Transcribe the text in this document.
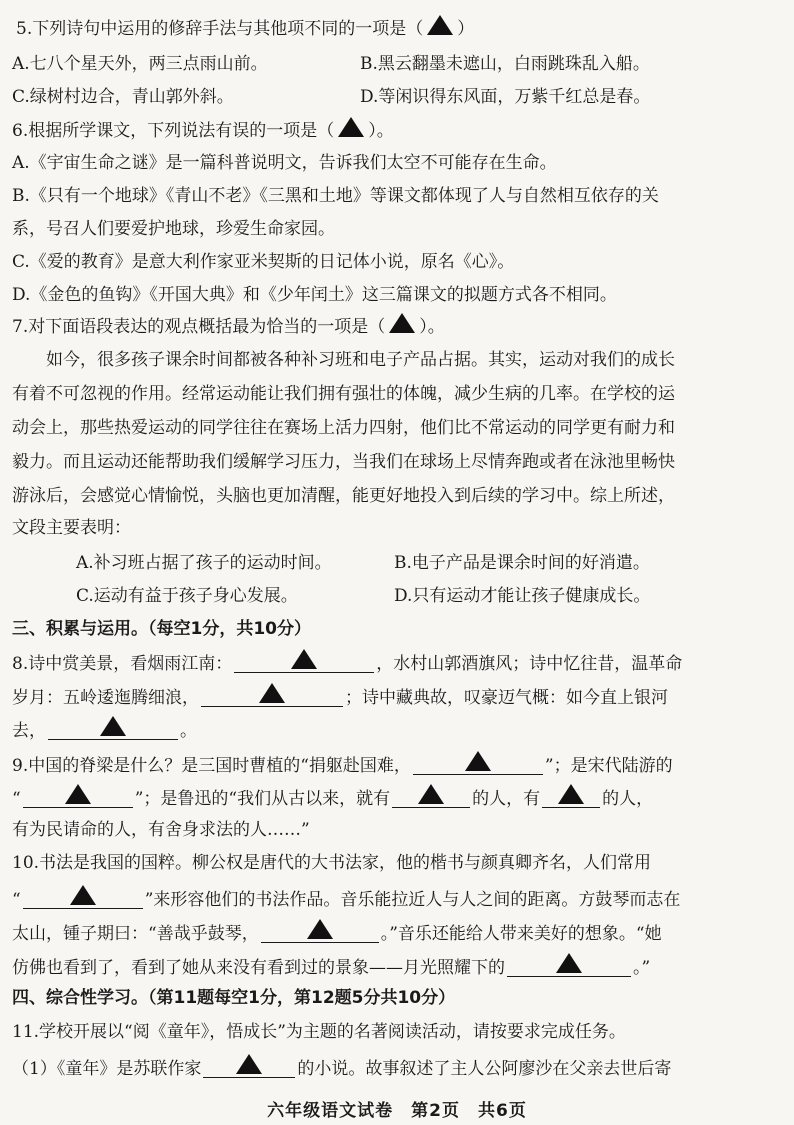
5.下列诗句中运用的修辞手法与其他项不同的一项是（ ）
A.七八个星天外，两三点雨山前。	B.黑云翻墨未遮山，白雨跳珠乱入船。
C.绿树村边合，青山郭外斜。	D.等闲识得东风面，万紫千红总是春。
6.根据所学课文，下列说法有误的一项是（ ）。
A.《宇宙生命之谜》是一篇科普说明文，告诉我们太空不可能存在生命。
B.《只有一个地球》《青山不老》《三黑和土地》等课文都体现了人与自然相互依存的关
系，号召人们要爱护地球，珍爱生命家园。
C.《爱的教育》是意大利作家亚米契斯的日记体小说，原名《心》。
D.《金色的鱼钩》《开国大典》和《少年闰土》这三篇课文的拟题方式各不相同。
7.对下面语段表达的观点概括最为恰当的一项是（ ）。
如今，很多孩子课余时间都被各种补习班和电子产品占据。其实，运动对我们的成长
有着不可忽视的作用。经常运动能让我们拥有强壮的体魄，减少生病的几率。在学校的运
动会上，那些热爱运动的同学往往在赛场上活力四射，他们比不常运动的同学更有耐力和
毅力。而且运动还能帮助我们缓解学习压力，当我们在球场上尽情奔跑或者在泳池里畅快
游泳后，会感觉心情愉悦，头脑也更加清醒，能更好地投入到后续的学习中。综上所述，
文段主要表明：
A.补习班占据了孩子的运动时间。	B.电子产品是课余时间的好消遣。
C.运动有益于孩子身心发展。	D.只有运动才能让孩子健康成长。
三、积累与运用。（每空1分，共10分）
8.诗中赏美景，看烟雨江南：	，水村山郭酒旗风；诗中忆往昔，温革命
岁月：五岭逶迤腾细浪，	；诗中藏典故，叹豪迈气概：如今直上银河
去，	。
9.中国的脊梁是什么？是三国时曹植的“捐躯赴国难，	”；是宋代陆游的
“	”；是鲁迅的“我们从古以来，就有	的人，有	的人，
有为民请命的人，有舍身求法的人……”
10.书法是我国的国粹。柳公权是唐代的大书法家，他的楷书与颜真卿齐名，人们常用
“	”来形容他们的书法作品。音乐能拉近人与人之间的距离。方鼓琴而志在
太山，锺子期曰：“善哉乎鼓琴，	。”音乐还能给人带来美好的想象。“她
仿佛也看到了，看到了她从来没有看到过的景象——月光照耀下的	。”
四、综合性学习。（第11题每空1分，第12题5分共10分）
11.学校开展以“阅《童年》，悟成长”为主题的名著阅读活动，请按要求完成任务。
（1）《童年》是苏联作家	的小说。故事叙述了主人公阿廖沙在父亲去世后寄
六年级语文试卷　第2页　共6页
